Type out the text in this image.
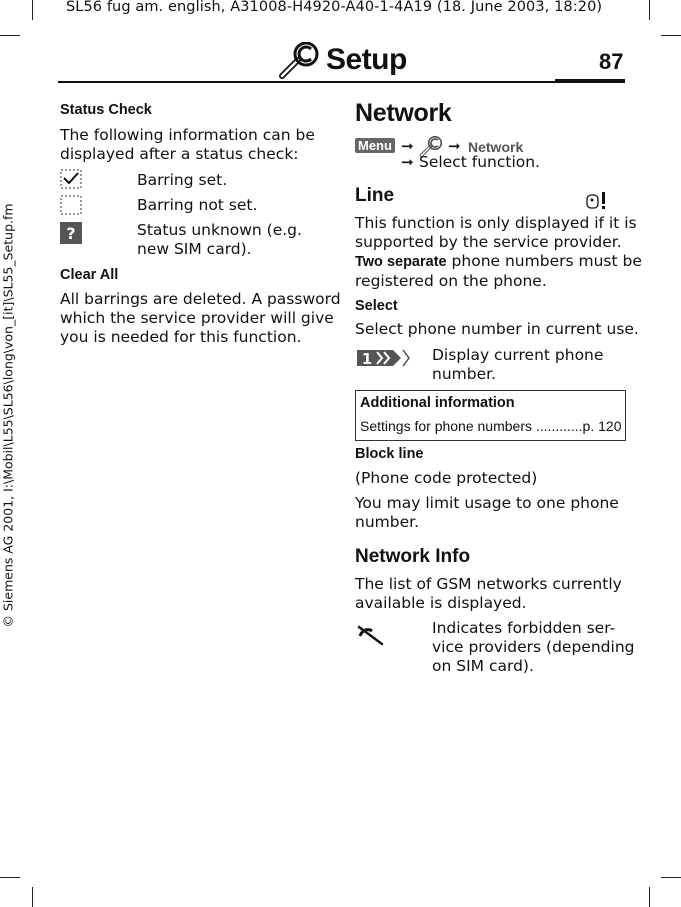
SL56 fug am. english, A31008-H4920-A40-1-4A19 (18. June 2003, 18:20)
© Siemens AG 2001, I:\Mobil\L55\SL56\long\von_[it]\SL55_Setup.fm
Setup	87
Status Check
The following information can be
displayed after a status check:
Barring set.
Barring not set.
?	Status unknown (e.g.
new SIM card).
Clear All
All barrings are deleted. A password
which the service provider will give
you is needed for this function.
Network
Menu ➞ ➞ Network
➞ Select function.
Line
This function is only displayed if it is
supported by the service provider.
Two separate phone numbers must be
registered on the phone.
Select
Select phone number in current use.
1	Display current phone
number.
Additional information
Settings for phone numbers ............p. 120
Block line
(Phone code protected)
You may limit usage to one phone
number.
Network Info
The list of GSM networks currently
available is displayed.
Indicates forbidden ser-
vice providers (depending
on SIM card).
